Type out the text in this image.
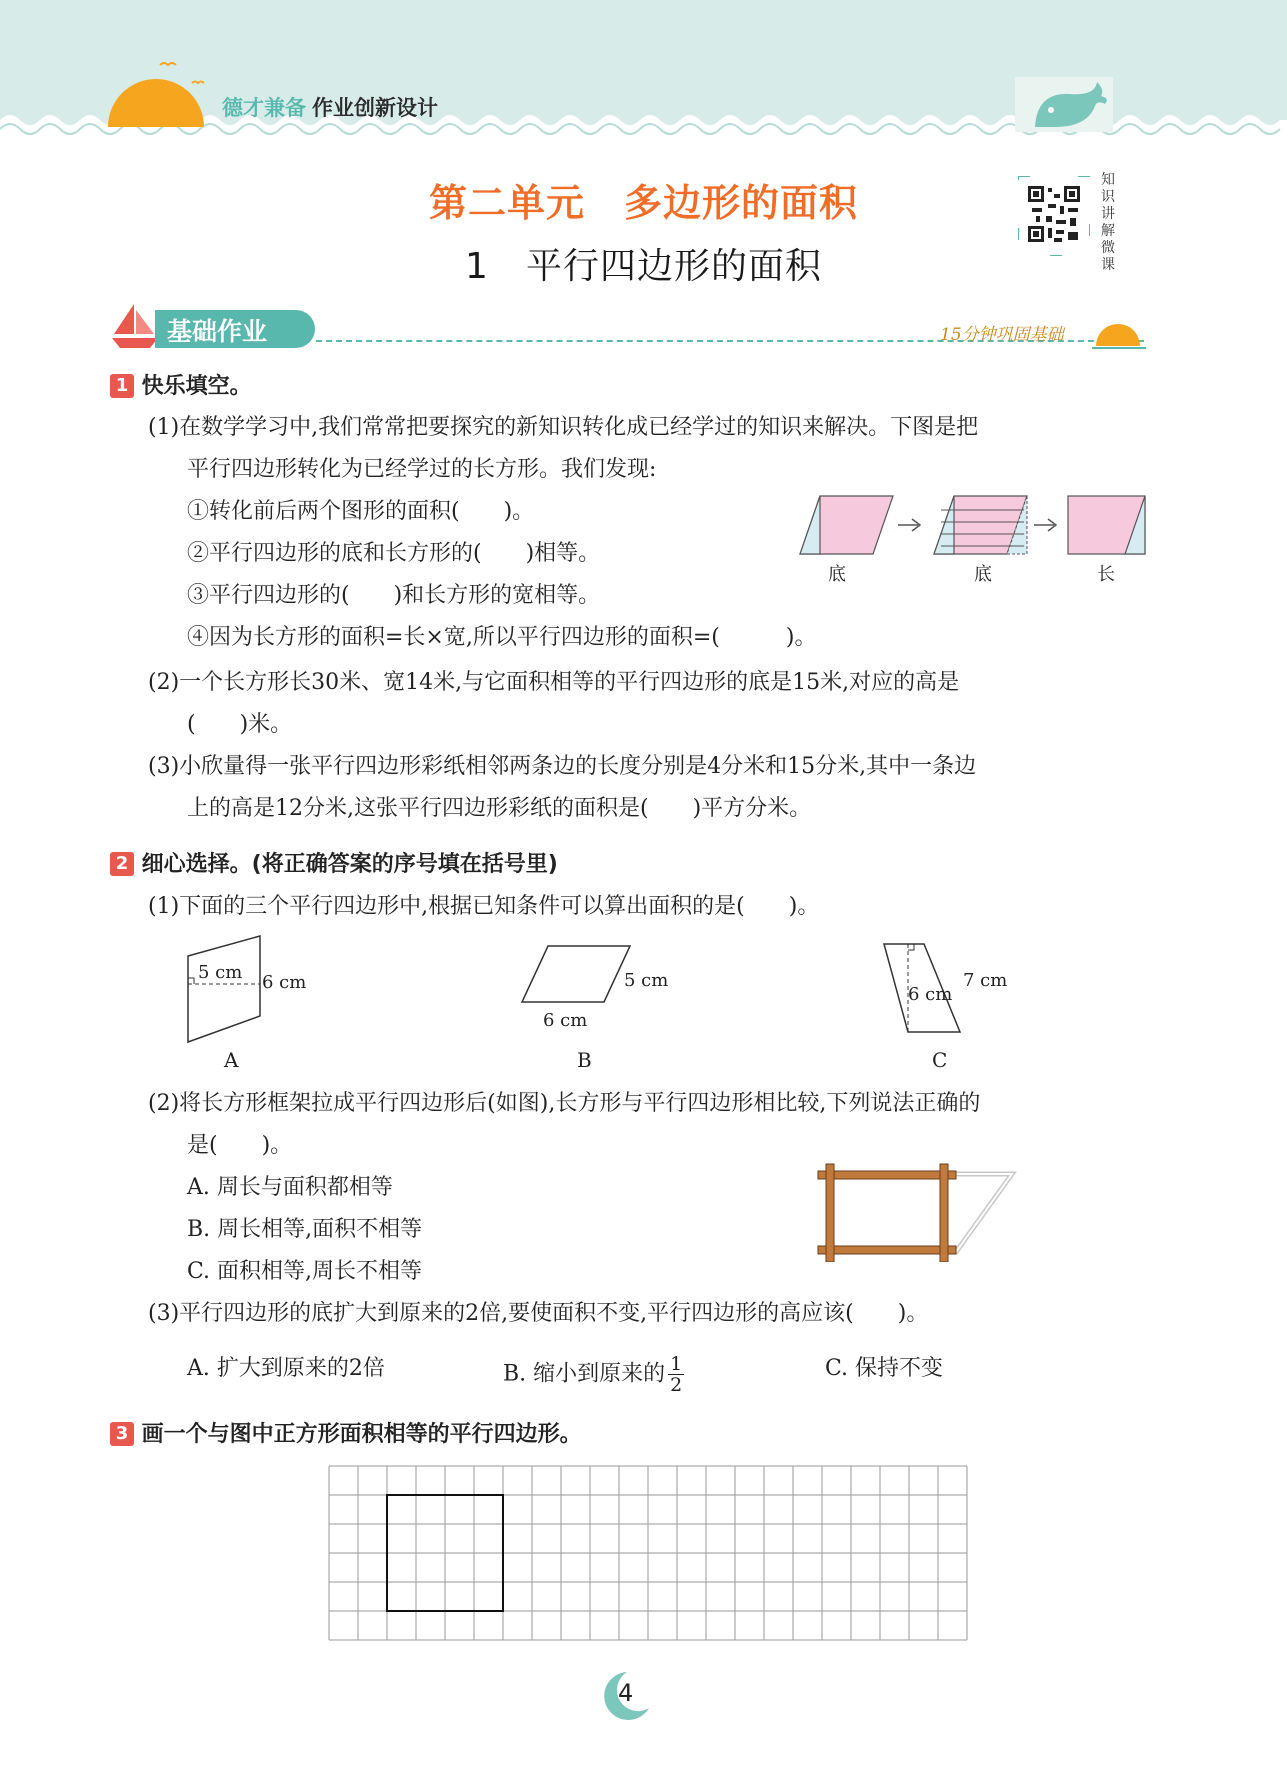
德才兼备 作业创新设计
第二单元　多边形的面积
1　平行四边形的面积
知识讲解微课
基础作业	15分钟巩固基础
1 快乐填空。
(1)在数学学习中,我们常常把要探究的新知识转化成已经学过的知识来解决。下图是把
平行四边形转化为已经学过的长方形。我们发现:
①转化前后两个图形的面积(　　)。
②平行四边形的底和长方形的(　　)相等。
③平行四边形的(　　)和长方形的宽相等。
④因为长方形的面积=长×宽,所以平行四边形的面积=(　　　)。
底	底	长
(2)一个长方形长30米、宽14米,与它面积相等的平行四边形的底是15米,对应的高是
(　　)米。
(3)小欣量得一张平行四边形彩纸相邻两条边的长度分别是4分米和15分米,其中一条边
上的高是12分米,这张平行四边形彩纸的面积是(　　)平方分米。
2 细心选择。(将正确答案的序号填在括号里)
(1)下面的三个平行四边形中,根据已知条件可以算出面积的是(　　)。
5 cm 6 cm
A
5 cm
6 cm
B
6 cm
7 cm
C
(2)将长方形框架拉成平行四边形后(如图),长方形与平行四边形相比较,下列说法正确的
是(　　)。
A. 周长与面积都相等
B. 周长相等,面积不相等
C. 面积相等,周长不相等
(3)平行四边形的底扩大到原来的2倍,要使面积不变,平行四边形的高应该(　　)。
A. 扩大到原来的2倍	B. 缩小到原来的 $\frac{1}{2}$	C. 保持不变
3 画一个与图中正方形面积相等的平行四边形。
4
